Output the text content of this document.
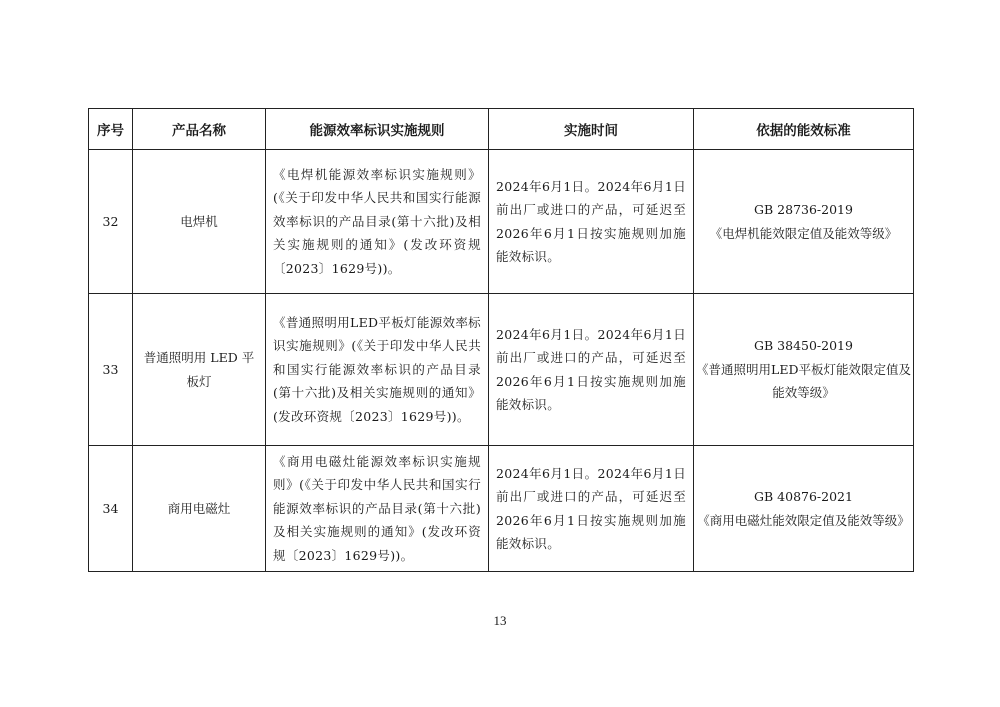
序号	产品名称	能源效率标识实施规则	实施时间	依据的能效标准
32	电焊机	《电焊机能源效率标识实施规则》(《关于印发中华人民共和国实行能源效率标识的产品目录(第十六批)及相关实施规则的通知》(发改环资规〔2023〕1629号))。	2024年6月1日。2024年6月1日前出厂或进口的产品，可延迟至2026年6月1日按实施规则加施能效标识。	GB 28736-2019
《电焊机能效限定值及能效等级》

33	普通照明用 LED 平板灯	《普通照明用LED平板灯能源效率标识实施规则》(《关于印发中华人民共和国实行能源效率标识的产品目录(第十六批)及相关实施规则的通知》(发改环资规〔2023〕1629号))。	2024年6月1日。2024年6月1日前出厂或进口的产品，可延迟至2026年6月1日按实施规则加施能效标识。	GB 38450-2019
《普通照明用LED平板灯能效限定值及能效等级》

34	商用电磁灶	《商用电磁灶能源效率标识实施规则》(《关于印发中华人民共和国实行能源效率标识的产品目录(第十六批)及相关实施规则的通知》(发改环资规〔2023〕1629号))。	2024年6月1日。2024年6月1日前出厂或进口的产品，可延迟至2026年6月1日按实施规则加施能效标识。	GB 40876-2021
《商用电磁灶能效限定值及能效等级》
13
